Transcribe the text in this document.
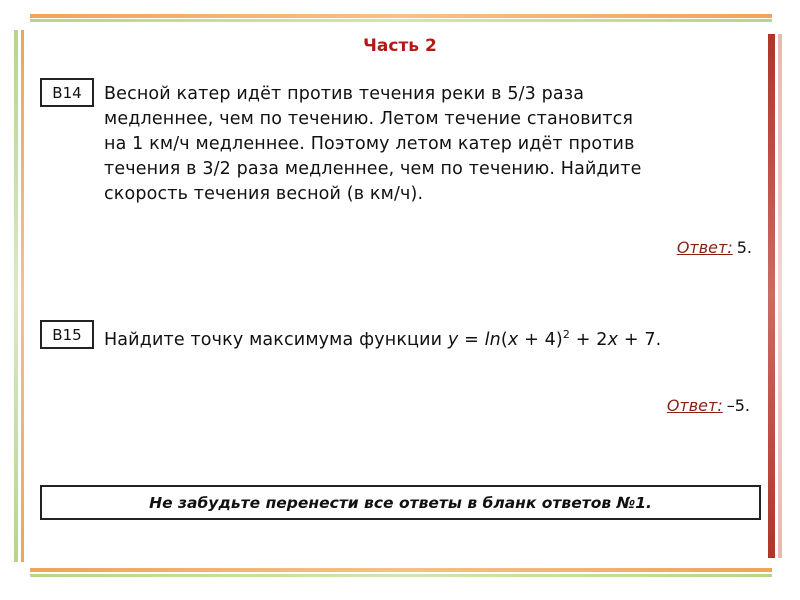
Часть 2
B14	Весной катер идёт против течения реки в 5/3 раза
медленнее, чем по течению. Летом течение становится
на 1 км/ч медленнее. Поэтому летом катер идёт против
течения в 3/2 раза медленнее, чем по течению. Найдите
скорость течения весной (в км/ч).
Ответ: 5.
B15	Найдите точку максимума функции $y = \ln(x + 4)^2 + 2x + 7$.
Ответ: –5.
Не забудьте перенести все ответы в бланк ответов №1.
